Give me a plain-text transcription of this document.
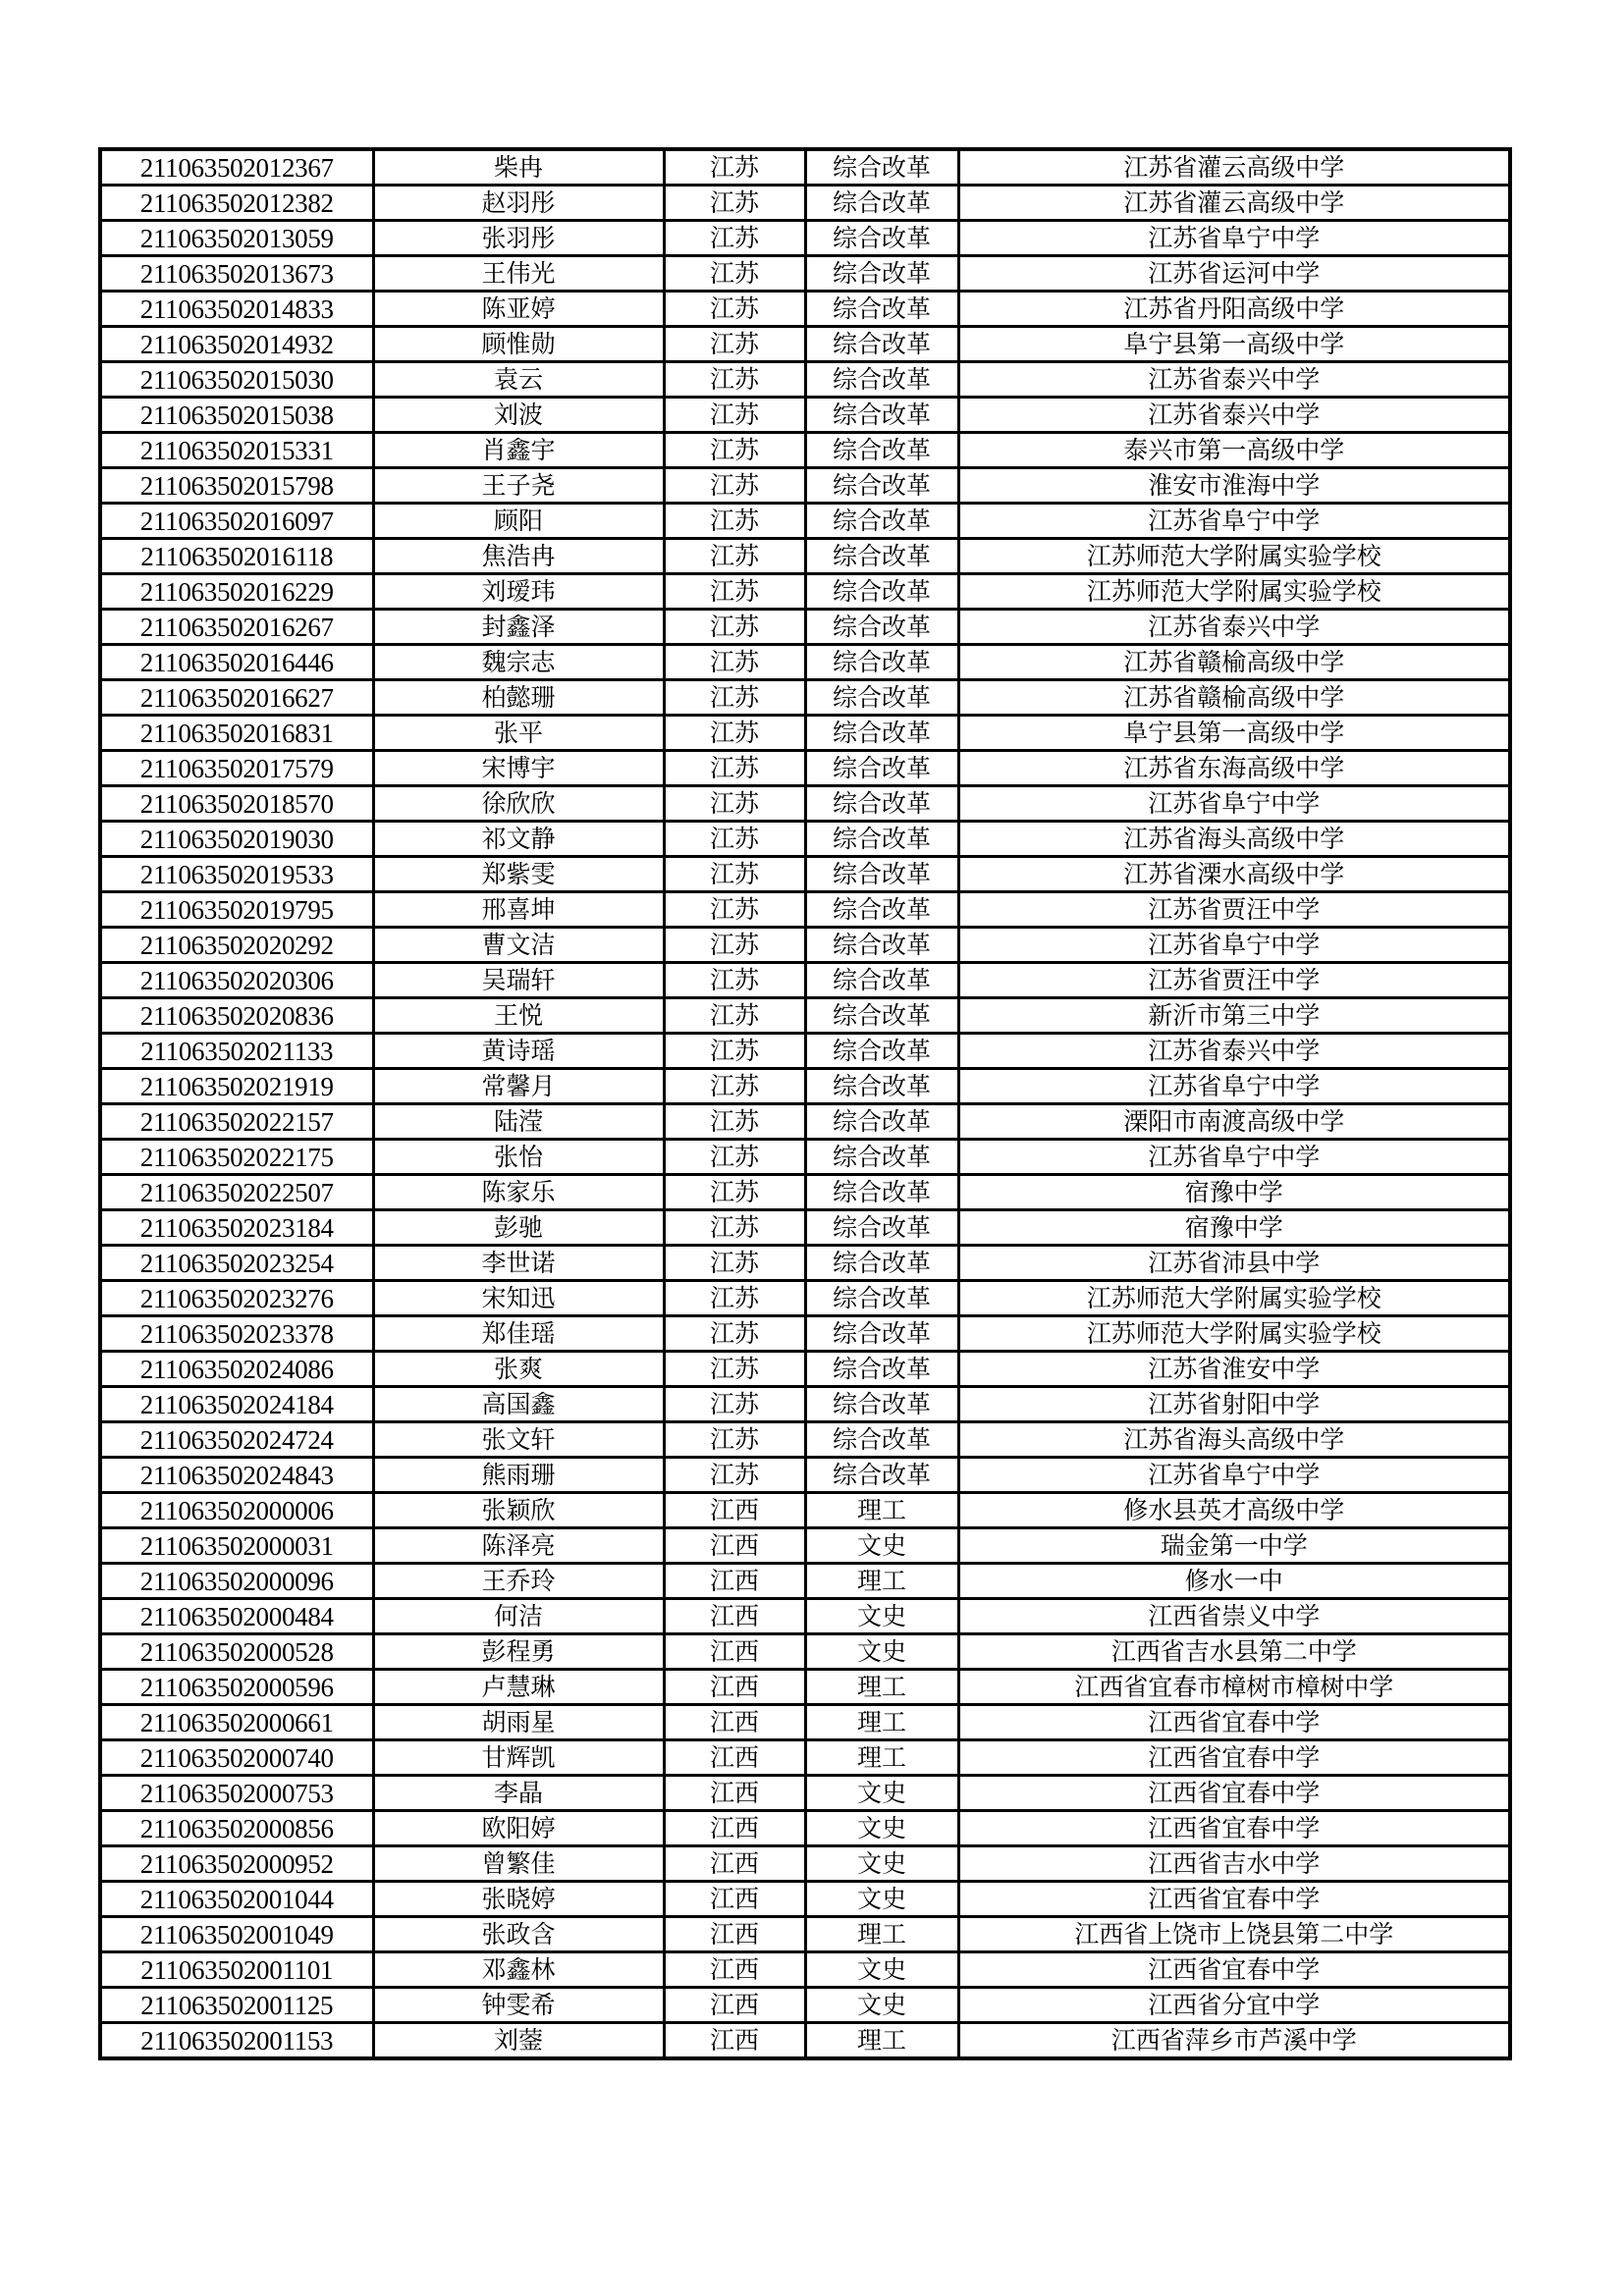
211063502012367	柴冉	江苏	综合改革	江苏省灌云高级中学
211063502012382	赵羽彤	江苏	综合改革	江苏省灌云高级中学
211063502013059	张羽彤	江苏	综合改革	江苏省阜宁中学
211063502013673	王伟光	江苏	综合改革	江苏省运河中学
211063502014833	陈亚婷	江苏	综合改革	江苏省丹阳高级中学
211063502014932	顾惟勋	江苏	综合改革	阜宁县第一高级中学
211063502015030	袁云	江苏	综合改革	江苏省泰兴中学
211063502015038	刘波	江苏	综合改革	江苏省泰兴中学
211063502015331	肖鑫宇	江苏	综合改革	泰兴市第一高级中学
211063502015798	王子尧	江苏	综合改革	淮安市淮海中学
211063502016097	顾阳	江苏	综合改革	江苏省阜宁中学
211063502016118	焦浩冉	江苏	综合改革	江苏师范大学附属实验学校
211063502016229	刘瑷玮	江苏	综合改革	江苏师范大学附属实验学校
211063502016267	封鑫泽	江苏	综合改革	江苏省泰兴中学
211063502016446	魏宗志	江苏	综合改革	江苏省赣榆高级中学
211063502016627	柏懿珊	江苏	综合改革	江苏省赣榆高级中学
211063502016831	张平	江苏	综合改革	阜宁县第一高级中学
211063502017579	宋博宇	江苏	综合改革	江苏省东海高级中学
211063502018570	徐欣欣	江苏	综合改革	江苏省阜宁中学
211063502019030	祁文静	江苏	综合改革	江苏省海头高级中学
211063502019533	郑紫雯	江苏	综合改革	江苏省溧水高级中学
211063502019795	邢喜坤	江苏	综合改革	江苏省贾汪中学
211063502020292	曹文洁	江苏	综合改革	江苏省阜宁中学
211063502020306	吴瑞轩	江苏	综合改革	江苏省贾汪中学
211063502020836	王悦	江苏	综合改革	新沂市第三中学
211063502021133	黄诗瑶	江苏	综合改革	江苏省泰兴中学
211063502021919	常馨月	江苏	综合改革	江苏省阜宁中学
211063502022157	陆滢	江苏	综合改革	溧阳市南渡高级中学
211063502022175	张怡	江苏	综合改革	江苏省阜宁中学
211063502022507	陈家乐	江苏	综合改革	宿豫中学
211063502023184	彭驰	江苏	综合改革	宿豫中学
211063502023254	李世诺	江苏	综合改革	江苏省沛县中学
211063502023276	宋知迅	江苏	综合改革	江苏师范大学附属实验学校
211063502023378	郑佳瑶	江苏	综合改革	江苏师范大学附属实验学校
211063502024086	张爽	江苏	综合改革	江苏省淮安中学
211063502024184	高国鑫	江苏	综合改革	江苏省射阳中学
211063502024724	张文轩	江苏	综合改革	江苏省海头高级中学
211063502024843	熊雨珊	江苏	综合改革	江苏省阜宁中学
211063502000006	张颖欣	江西	理工	修水县英才高级中学
211063502000031	陈泽亮	江西	文史	瑞金第一中学
211063502000096	王乔玲	江西	理工	修水一中
211063502000484	何洁	江西	文史	江西省崇义中学
211063502000528	彭程勇	江西	文史	江西省吉水县第二中学
211063502000596	卢慧琳	江西	理工	江西省宜春市樟树市樟树中学
211063502000661	胡雨星	江西	理工	江西省宜春中学
211063502000740	甘辉凯	江西	理工	江西省宜春中学
211063502000753	李晶	江西	文史	江西省宜春中学
211063502000856	欧阳婷	江西	文史	江西省宜春中学
211063502000952	曾繁佳	江西	文史	江西省吉水中学
211063502001044	张晓婷	江西	文史	江西省宜春中学
211063502001049	张政含	江西	理工	江西省上饶市上饶县第二中学
211063502001101	邓鑫林	江西	文史	江西省宜春中学
211063502001125	钟雯希	江西	文史	江西省分宜中学
211063502001153	刘蓥	江西	理工	江西省萍乡市芦溪中学
